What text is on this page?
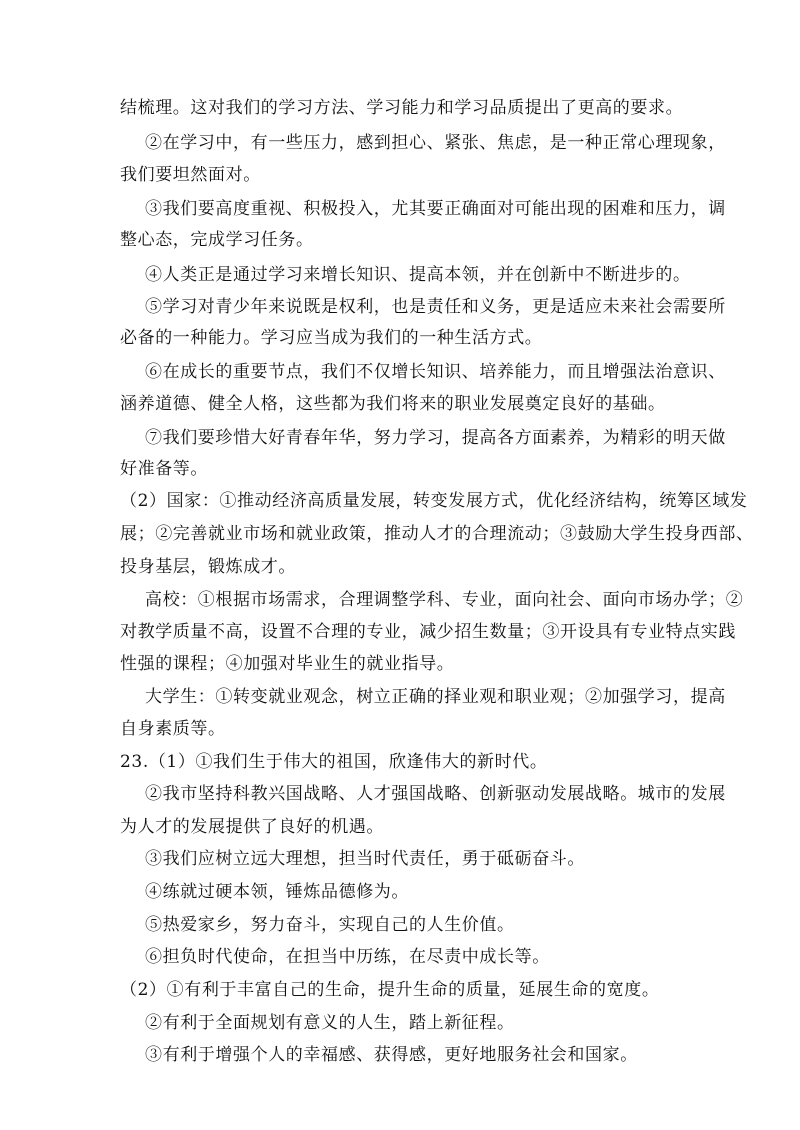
结梳理。这对我们的学习方法、学习能力和学习品质提出了更高的要求。
②在学习中，有一些压力，感到担心、紧张、焦虑，是一种正常心理现象，
我们要坦然面对。
③我们要高度重视、积极投入，尤其要正确面对可能出现的困难和压力，调
整心态，完成学习任务。
④人类正是通过学习来增长知识、提高本领，并在创新中不断进步的。
⑤学习对青少年来说既是权利，也是责任和义务，更是适应未来社会需要所
必备的一种能力。学习应当成为我们的一种生活方式。
⑥在成长的重要节点，我们不仅增长知识、培养能力，而且增强法治意识、
涵养道德、健全人格，这些都为我们将来的职业发展奠定良好的基础。
⑦我们要珍惜大好青春年华，努力学习，提高各方面素养，为精彩的明天做
好准备等。
（2）国家：①推动经济高质量发展，转变发展方式，优化经济结构，统筹区域发
展；②完善就业市场和就业政策，推动人才的合理流动；③鼓励大学生投身西部、
投身基层，锻炼成才。
高校：①根据市场需求，合理调整学科、专业，面向社会、面向市场办学；②
对教学质量不高，设置不合理的专业，减少招生数量；③开设具有专业特点实践
性强的课程；④加强对毕业生的就业指导。
大学生：①转变就业观念，树立正确的择业观和职业观；②加强学习，提高
自身素质等。
23.（1）①我们生于伟大的祖国，欣逢伟大的新时代。
②我市坚持科教兴国战略、人才强国战略、创新驱动发展战略。城市的发展
为人才的发展提供了良好的机遇。
③我们应树立远大理想，担当时代责任，勇于砥砺奋斗。
④练就过硬本领，锤炼品德修为。
⑤热爱家乡，努力奋斗，实现自己的人生价值。
⑥担负时代使命，在担当中历练，在尽责中成长等。
（2）①有利于丰富自己的生命，提升生命的质量，延展生命的宽度。
②有利于全面规划有意义的人生，踏上新征程。
③有利于增强个人的幸福感、获得感，更好地服务社会和国家。
